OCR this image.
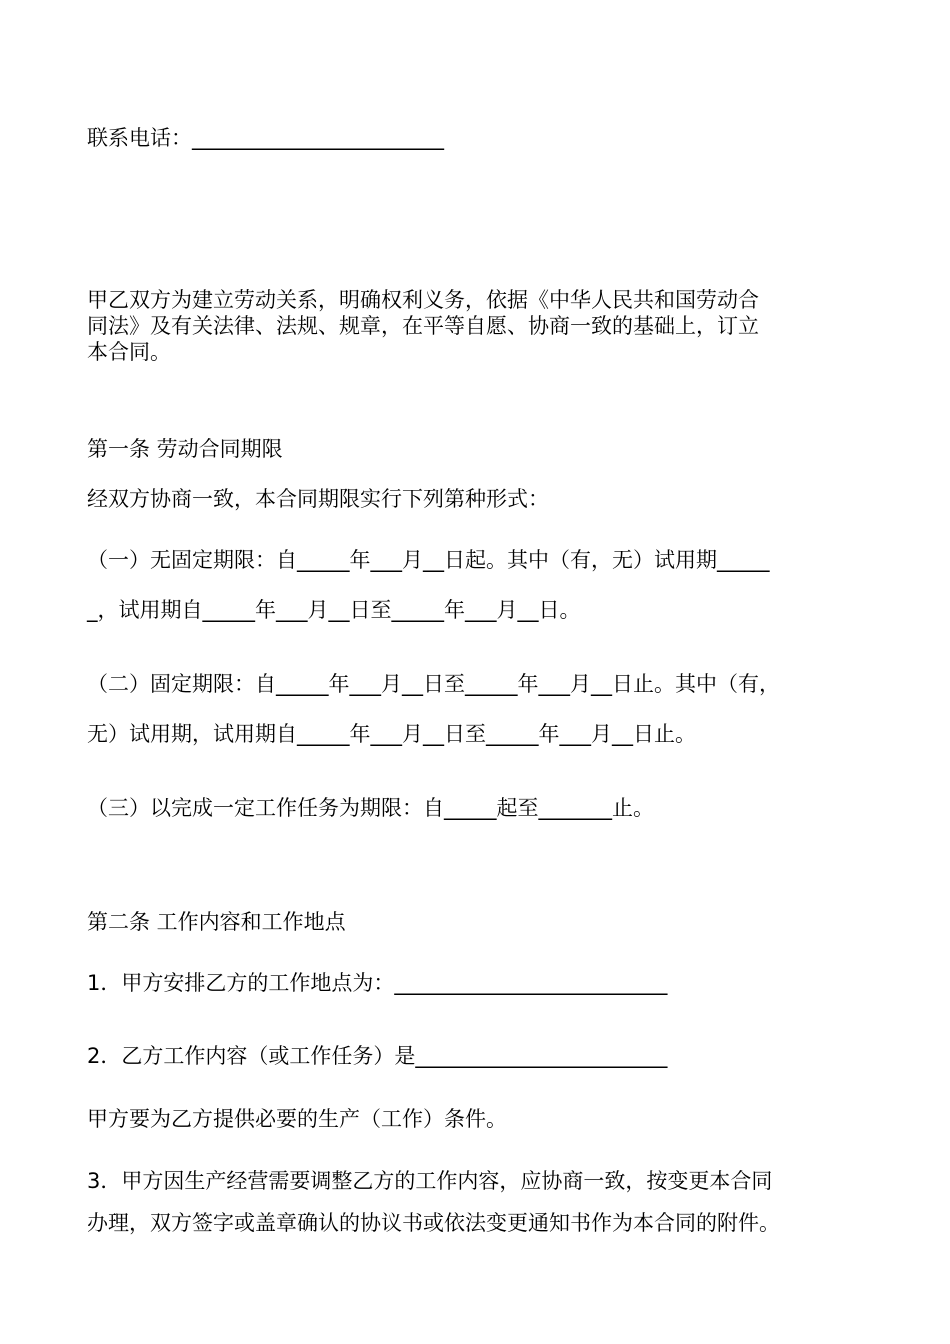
联系电话：________________________
甲乙双方为建立劳动关系，明确权利义务，依据《中华人民共和国劳动合
同法》及有关法律、法规、规章，在平等自愿、协商一致的基础上，订立
本合同。
第一条 劳动合同期限
经双方协商一致，本合同期限实行下列第种形式：
（一）无固定期限：自_____年___月__日起。其中（有，无）试用期_____
_，试用期自_____年___月__日至_____年___月__日。
（二）固定期限：自_____年___月__日至_____年___月__日止。其中（有，
无）试用期，试用期自_____年___月__日至_____年___月__日止。
（三）以完成一定工作任务为期限：自_____起至_______止。
第二条 工作内容和工作地点
1．甲方安排乙方的工作地点为：__________________________
2．乙方工作内容（或工作任务）是________________________
甲方要为乙方提供必要的生产（工作）条件。
3．甲方因生产经营需要调整乙方的工作内容，应协商一致，按变更本合同
办理，双方签字或盖章确认的协议书或依法变更通知书作为本合同的附件。
